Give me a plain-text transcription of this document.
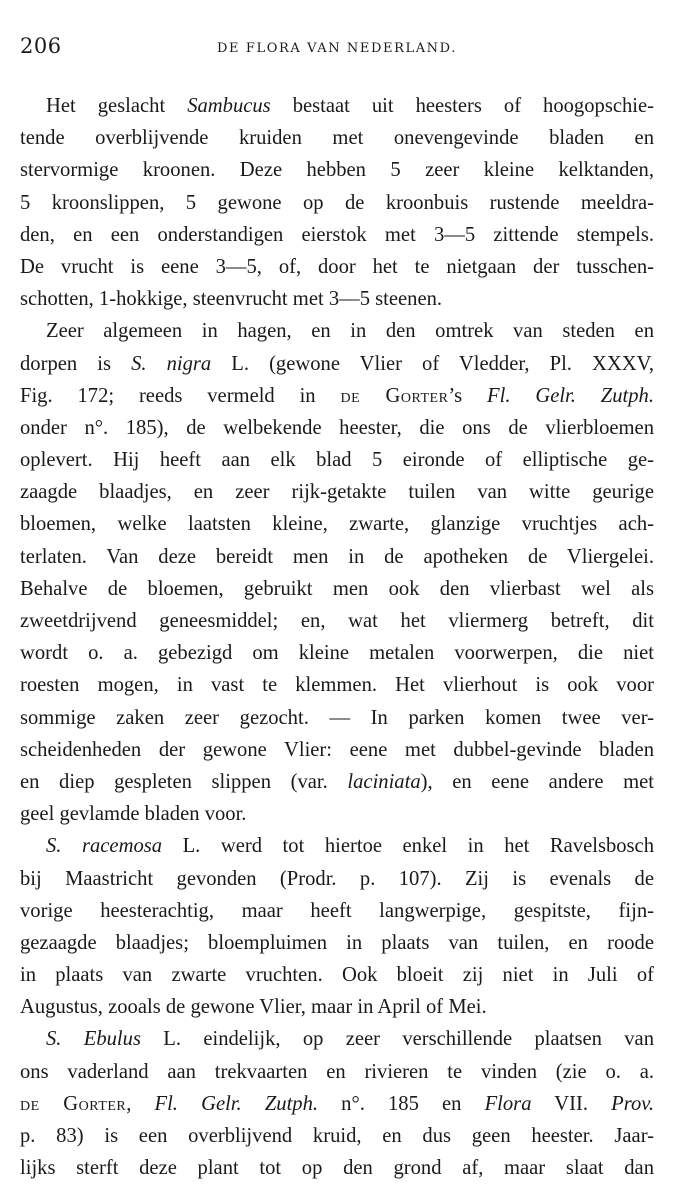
206	DE FLORA VAN NEDERLAND.
Het geslacht Sambucus bestaat uit heesters of hoogopschie-
tende overblijvende kruiden met onevengevinde bladen en
stervormige kroonen. Deze hebben 5 zeer kleine kelktanden,
5 kroonslippen, 5 gewone op de kroonbuis rustende meeldra-
den, en een onderstandigen eierstok met 3—5 zittende stempels.
De vrucht is eene 3—5, of, door het te nietgaan der tusschen-
schotten, 1-hokkige, steenvrucht met 3—5 steenen.
Zeer algemeen in hagen, en in den omtrek van steden en
dorpen is S. nigra L. (gewone Vlier of Vledder, Pl. XXXV,
Fig. 172; reeds vermeld in de Gorter’s Fl. Gelr. Zutph.
onder n°. 185), de welbekende heester, die ons de vlierbloemen
oplevert. Hij heeft aan elk blad 5 eironde of elliptische ge-
zaagde blaadjes, en zeer rijk-getakte tuilen van witte geurige
bloemen, welke laatsten kleine, zwarte, glanzige vruchtjes ach-
terlaten. Van deze bereidt men in de apotheken de Vliergelei.
Behalve de bloemen, gebruikt men ook den vlierbast wel als
zweetdrijvend geneesmiddel; en, wat het vliermerg betreft, dit
wordt o. a. gebezigd om kleine metalen voorwerpen, die niet
roesten mogen, in vast te klemmen. Het vlierhout is ook voor
sommige zaken zeer gezocht. — In parken komen twee ver-
scheidenheden der gewone Vlier: eene met dubbel-gevinde bladen
en diep gespleten slippen (var. laciniata), en eene andere met
geel gevlamde bladen voor.
S. racemosa L. werd tot hiertoe enkel in het Ravelsbosch
bij Maastricht gevonden (Prodr. p. 107). Zij is evenals de
vorige heesterachtig, maar heeft langwerpige, gespitste, fijn-
gezaagde blaadjes; bloempluimen in plaats van tuilen, en roode
in plaats van zwarte vruchten. Ook bloeit zij niet in Juli of
Augustus, zooals de gewone Vlier, maar in April of Mei.
S. Ebulus L. eindelijk, op zeer verschillende plaatsen van
ons vaderland aan trekvaarten en rivieren te vinden (zie o. a.
de Gorter, Fl. Gelr. Zutph. n°. 185 en Flora VII. Prov.
p. 83) is een overblijvend kruid, en dus geen heester. Jaar-
lijks sterft deze plant tot op den grond af, maar slaat dan
